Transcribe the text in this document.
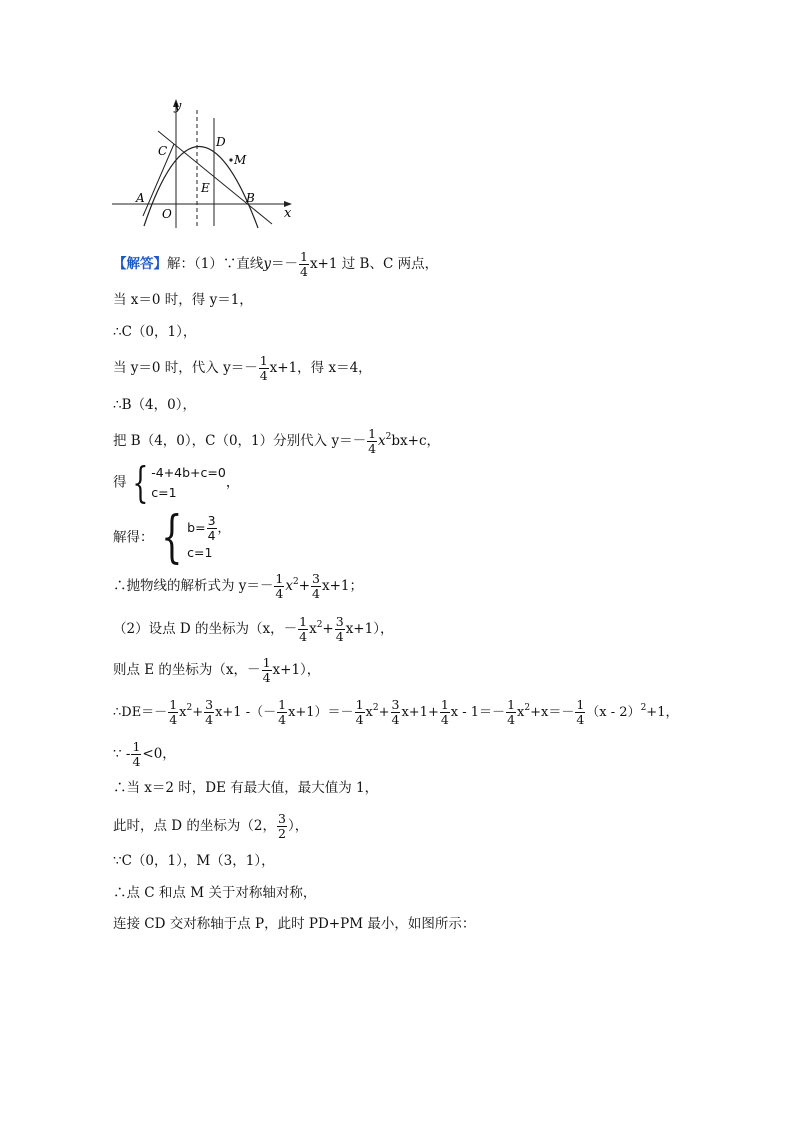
y
x
O
A	B
C
D
E
M
【解答】解：（1）∵直线$y=- \frac{1}{4} x+1$ 过 B、C 两点，
当 x＝0 时，得 y＝1，
∴C（0，1），
当 y＝0 时，代入 $y=- \frac{1}{4} x+1$，得 x＝4，
∴B（4，0），
把 B（4，0），C（0，1）分别代入 $y=- \frac{1}{4} x^2bx+c$，
得 { -4+4b+c=0
c=1
，
解得： { $b= \frac{3}{4}$ ，
c=1
∴抛物线的解析式为 $y=- \frac{1}{4} x^2+ \frac{3}{4} x+1$；
（2）设点 D 的坐标为（x，－ $\frac{1}{4} x^2+ \frac{3}{4} x+1$），
则点 E 的坐标为（x，－ $\frac{1}{4} x+1$），
∴DE＝－ $\frac{1}{4} x^2+ \frac{3}{4} x+1$ -（－ $\frac{1}{4} x+1)=- \frac{1}{4} x^2+ \frac{3}{4} x+1+ \frac{1}{4}$ $x - 1=- \frac{1}{4} x^2+x=- \frac{1}{4} (x - 2)^2+1$，
∵ - $\frac{1}{4} <0$，
∴当 x＝2 时，DE 有最大值，最大值为 1，
此时，点 D 的坐标为（2， $\frac{3}{2}$ ），
∵C（0，1），M（3，1），
∴点 C 和点 M 关于对称轴对称，
连接 CD 交对称轴于点 P，此时 PD+PM 最小，如图所示：
